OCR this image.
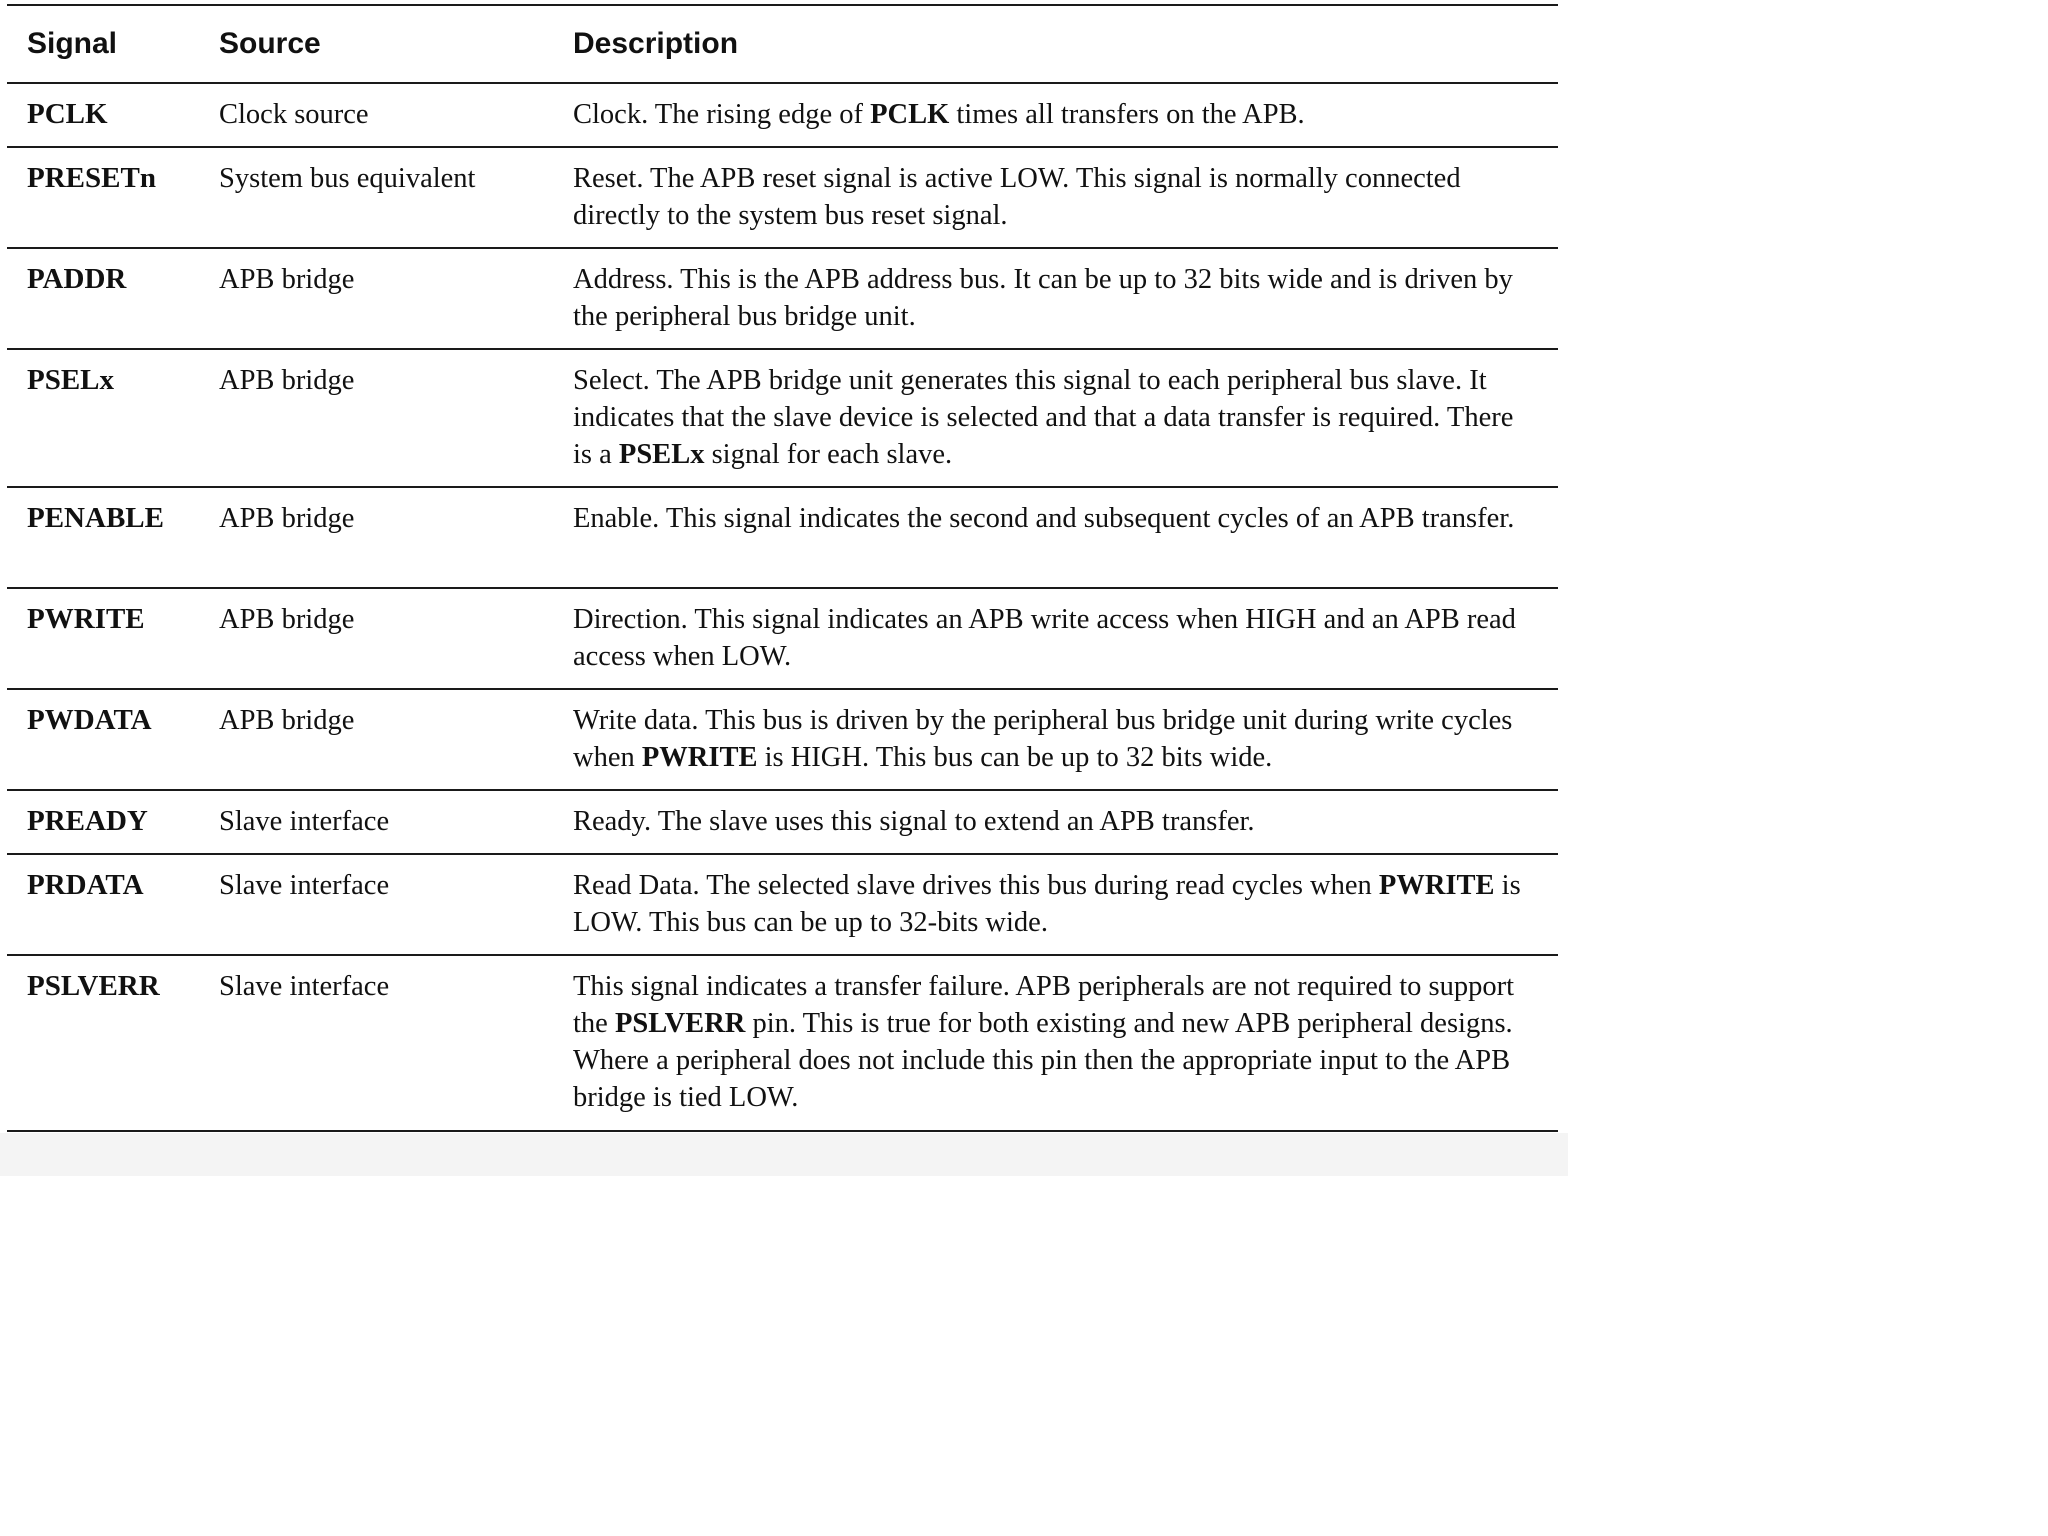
Signal	Source	Description

PCLK	Clock source	Clock. The rising edge of PCLK times all transfers on the APB.

PRESETn	System bus equivalent	Reset. The APB reset signal is active LOW. This signal is normally connected directly to the system bus reset signal.

PADDR	APB bridge	Address. This is the APB address bus. It can be up to 32 bits wide and is driven by the peripheral bus bridge unit.

PSELx	APB bridge	Select. The APB bridge unit generates this signal to each peripheral bus slave. It indicates that the slave device is selected and that a data transfer is required. There is a PSELx signal for each slave.

PENABLE	APB bridge	Enable. This signal indicates the second and subsequent cycles of an APB transfer.

PWRITE	APB bridge	Direction. This signal indicates an APB write access when HIGH and an APB read access when LOW.

PWDATA	APB bridge	Write data. This bus is driven by the peripheral bus bridge unit during write cycles when PWRITE is HIGH. This bus can be up to 32 bits wide.

PREADY	Slave interface	Ready. The slave uses this signal to extend an APB transfer.

PRDATA	Slave interface	Read Data. The selected slave drives this bus during read cycles when PWRITE is LOW. This bus can be up to 32-bits wide.

PSLVERR	Slave interface	This signal indicates a transfer failure. APB peripherals are not required to support the PSLVERR pin. This is true for both existing and new APB peripheral designs. Where a peripheral does not include this pin then the appropriate input to the APB bridge is tied LOW.
